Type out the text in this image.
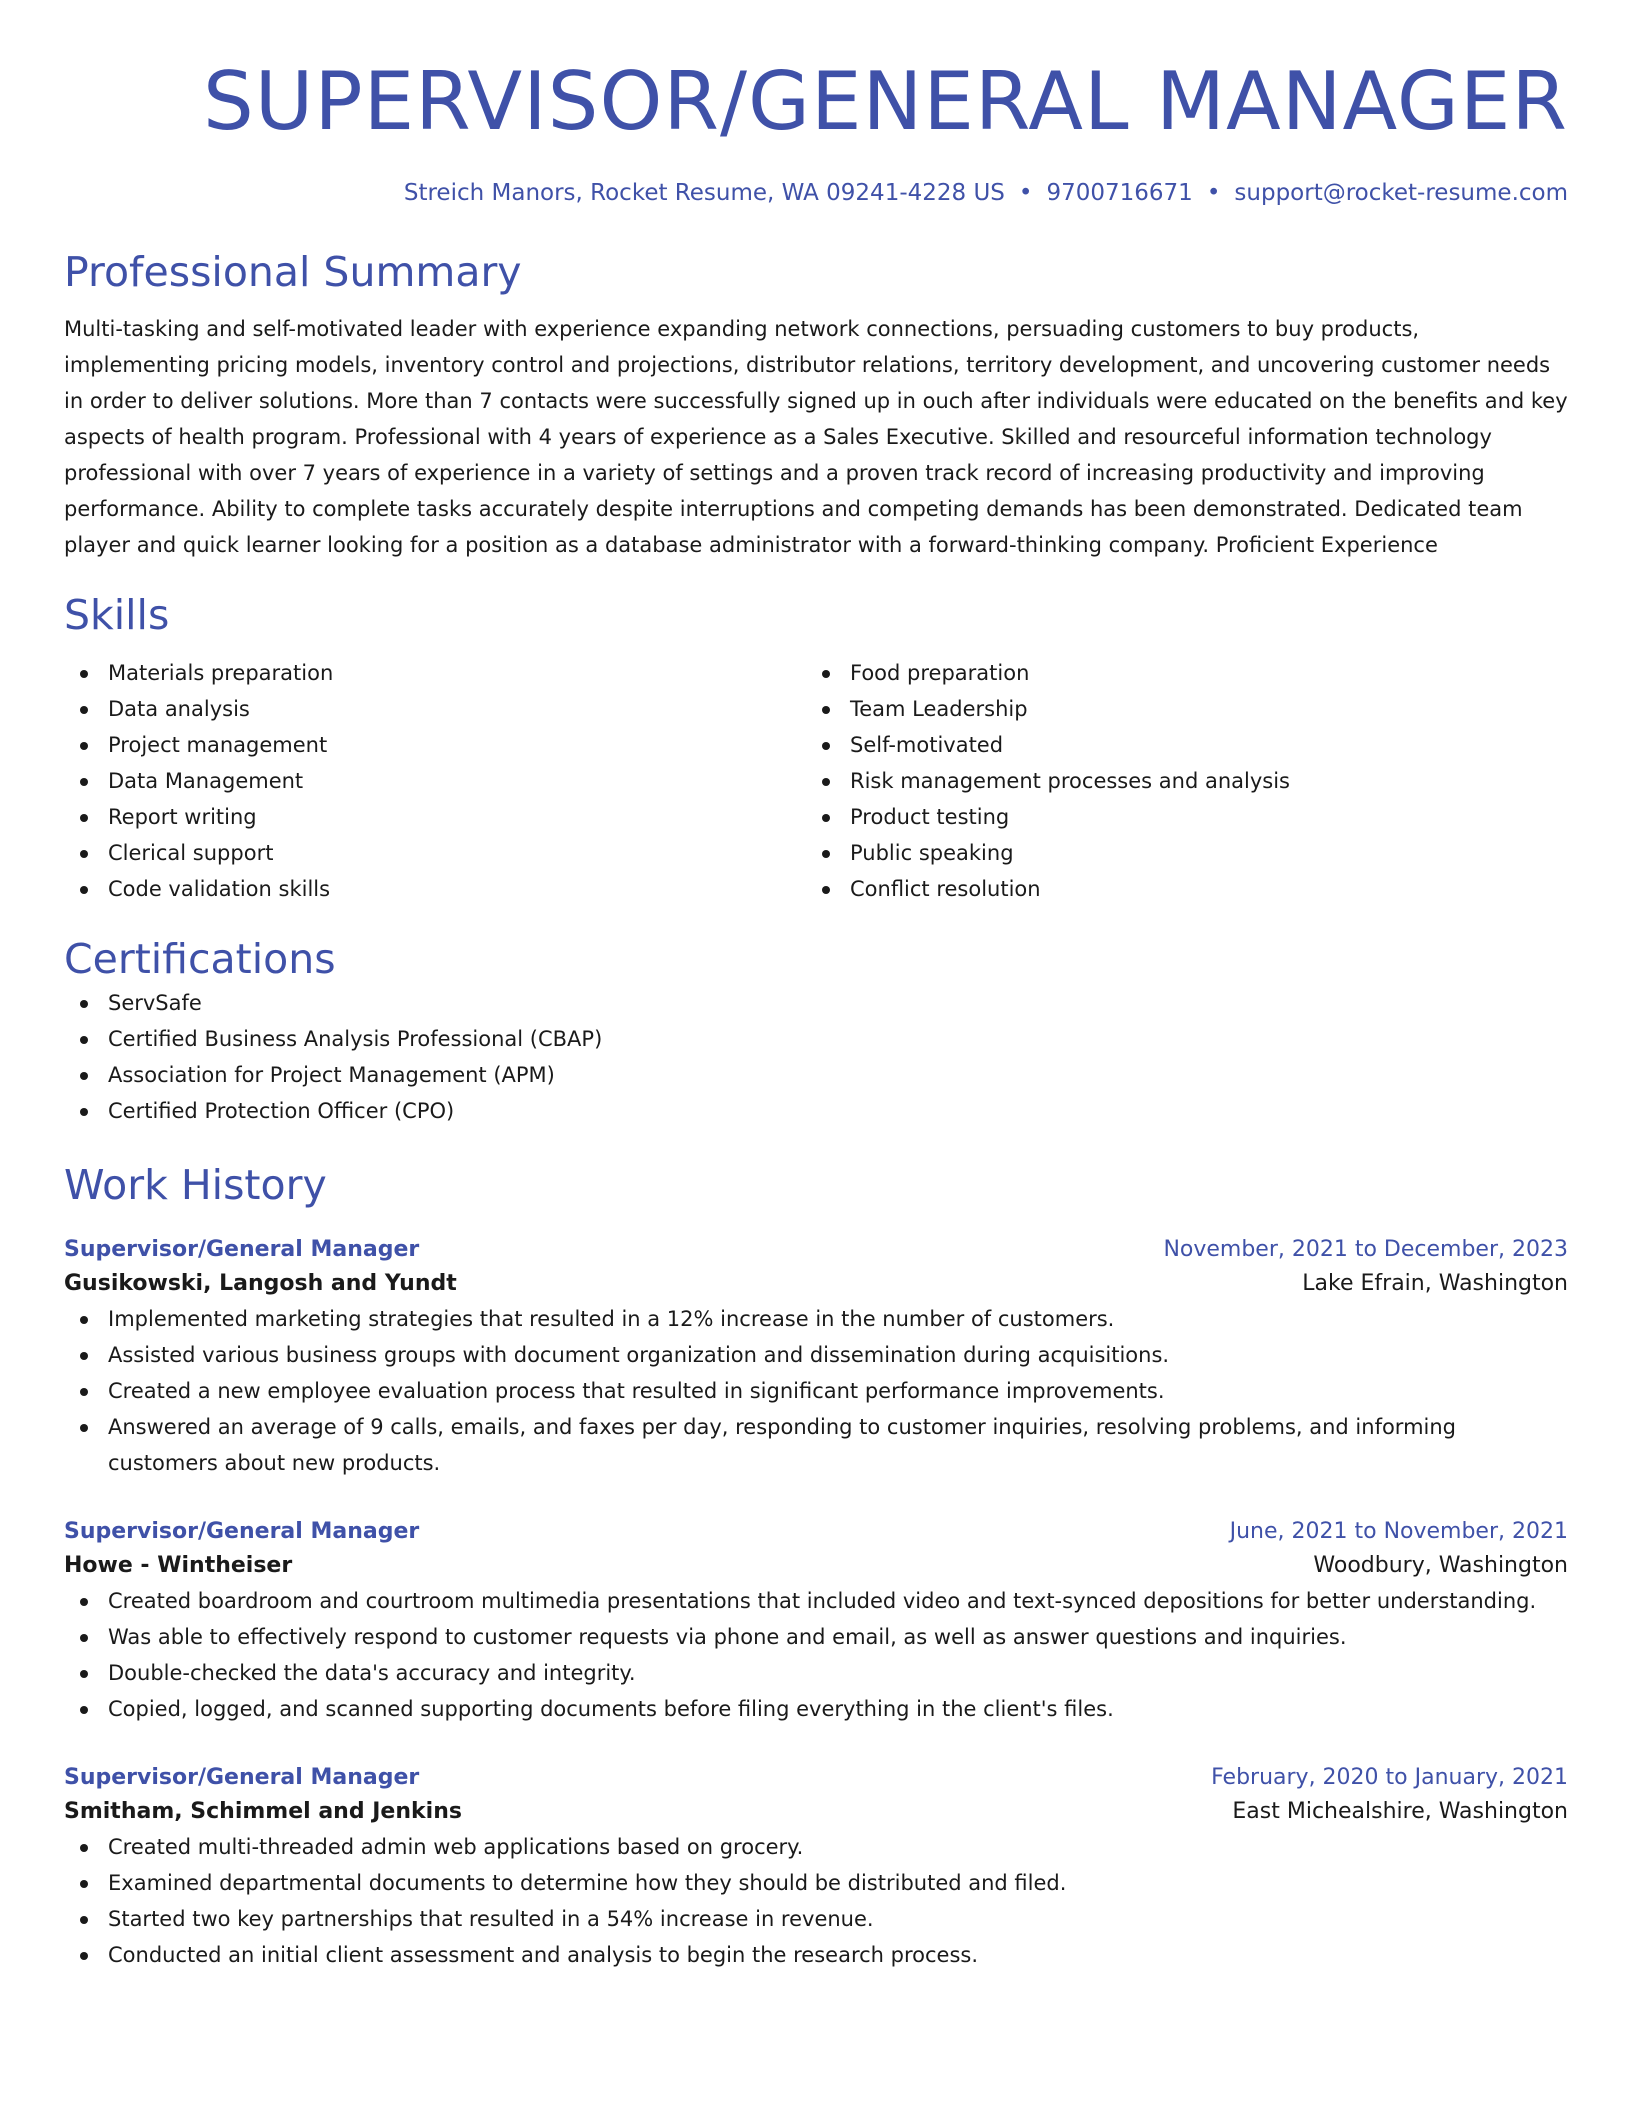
SUPERVISOR/GENERAL MANAGER
Streich Manors, Rocket Resume, WA 09241-4228 US • 9700716671 • support@rocket-resume.com
Professional Summary
Multi-tasking and self-motivated leader with experience expanding network connections, persuading customers to buy products, implementing pricing models, inventory control and projections, distributor relations, territory development, and uncovering customer needs in order to deliver solutions. More than 7 contacts were successfully signed up in ouch after individuals were educated on the benefits and key aspects of health program. Professional with 4 years of experience as a Sales Executive. Skilled and resourceful information technology professional with over 7 years of experience in a variety of settings and a proven track record of increasing productivity and improving performance. Ability to complete tasks accurately despite interruptions and competing demands has been demonstrated. Dedicated team player and quick learner looking for a position as a database administrator with a forward-thinking company. Proficient Experience
Skills
Materials preparation
Data analysis
Project management
Data Management
Report writing
Clerical support
Code validation skills
Food preparation
Team Leadership
Self-motivated
Risk management processes and analysis
Product testing
Public speaking
Conflict resolution
Certifications
ServSafe
Certified Business Analysis Professional (CBAP)
Association for Project Management (APM)
Certified Protection Officer (CPO)
Work History
Supervisor/General Manager	November, 2021 to December, 2023
Gusikowski, Langosh and Yundt	Lake Efrain, Washington
Implemented marketing strategies that resulted in a 12% increase in the number of customers.
Assisted various business groups with document organization and dissemination during acquisitions.
Created a new employee evaluation process that resulted in significant performance improvements.
Answered an average of 9 calls, emails, and faxes per day, responding to customer inquiries, resolving problems, and informing customers about new products.
Supervisor/General Manager	June, 2021 to November, 2021
Howe - Wintheiser	Woodbury, Washington
Created boardroom and courtroom multimedia presentations that included video and text-synced depositions for better understanding.
Was able to effectively respond to customer requests via phone and email, as well as answer questions and inquiries.
Double-checked the data's accuracy and integrity.
Copied, logged, and scanned supporting documents before filing everything in the client's files.
Supervisor/General Manager	February, 2020 to January, 2021
Smitham, Schimmel and Jenkins	East Michealshire, Washington
Created multi-threaded admin web applications based on grocery.
Examined departmental documents to determine how they should be distributed and filed.
Started two key partnerships that resulted in a 54% increase in revenue.
Conducted an initial client assessment and analysis to begin the research process.
